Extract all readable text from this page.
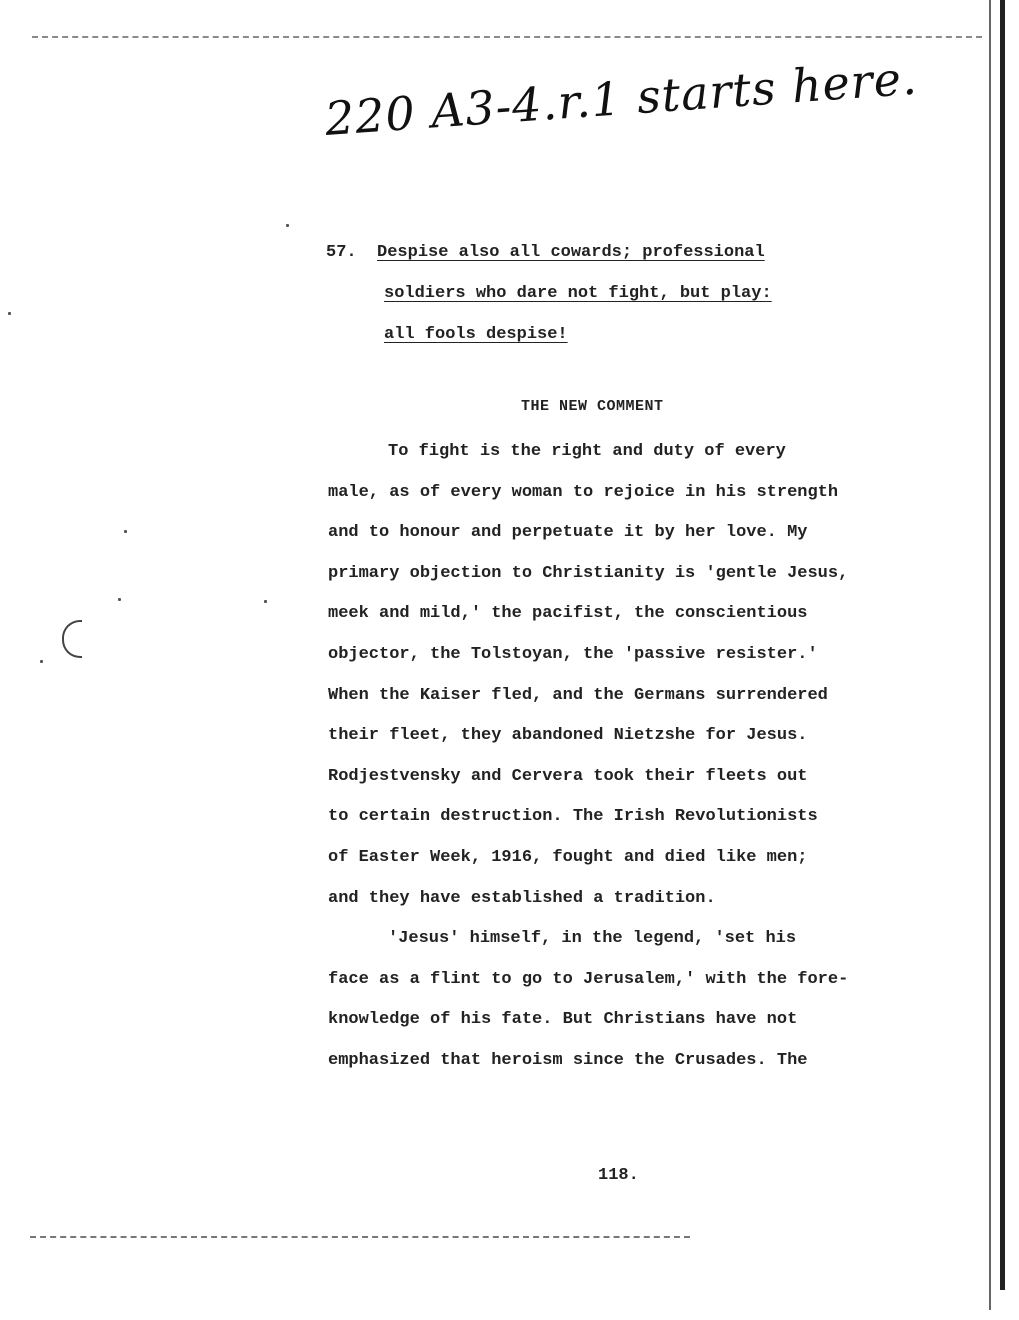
220 A3-4.r.1 starts here.
57. Despise also all cowards; professional
soldiers who dare not fight, but play:
all fools despise!
THE NEW COMMENT
To fight is the right and duty of every
male, as of every woman to rejoice in his strength
and to honour and perpetuate it by her love. My
primary objection to Christianity is 'gentle Jesus,
meek and mild,' the pacifist, the conscientious
objector, the Tolstoyan, the 'passive resister.'
When the Kaiser fled, and the Germans surrendered
their fleet, they abandoned Nietzshe for Jesus.
Rodjestvensky and Cervera took their fleets out
to certain destruction. The Irish Revolutionists
of Easter Week, 1916, fought and died like men;
and they have established a tradition.
'Jesus' himself, in the legend, 'set his
face as a flint to go to Jerusalem,' with the fore-
knowledge of his fate. But Christians have not
emphasized that heroism since the Crusades. The
118.
